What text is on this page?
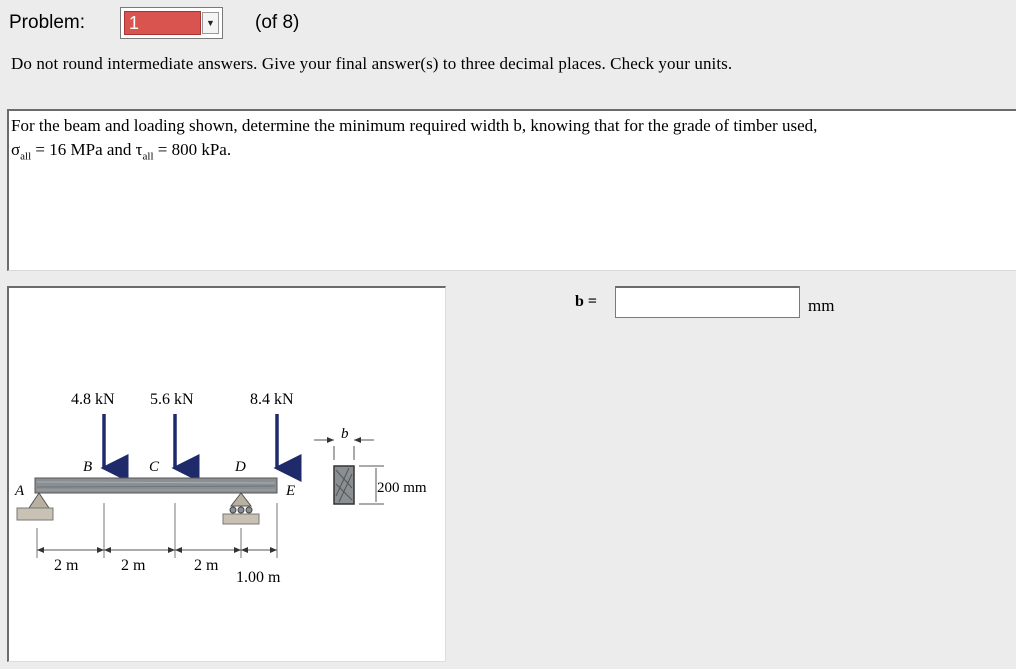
Problem: 1	▼ (of 8)
Do not round intermediate answers. Give your final answer(s) to three decimal places. Check your units.
For the beam and loading shown, determine the minimum required width b, knowing that for the grade of timber used,
$\sigma_{all} = 16$ MPa and $\tau_{all} = 800$ kPa.
4.8 kN 5.6 kN	8.4 kN
A
B	C	D
E
2 m	2 m	2 m
1.00 m
b
200 mm
b =	mm
